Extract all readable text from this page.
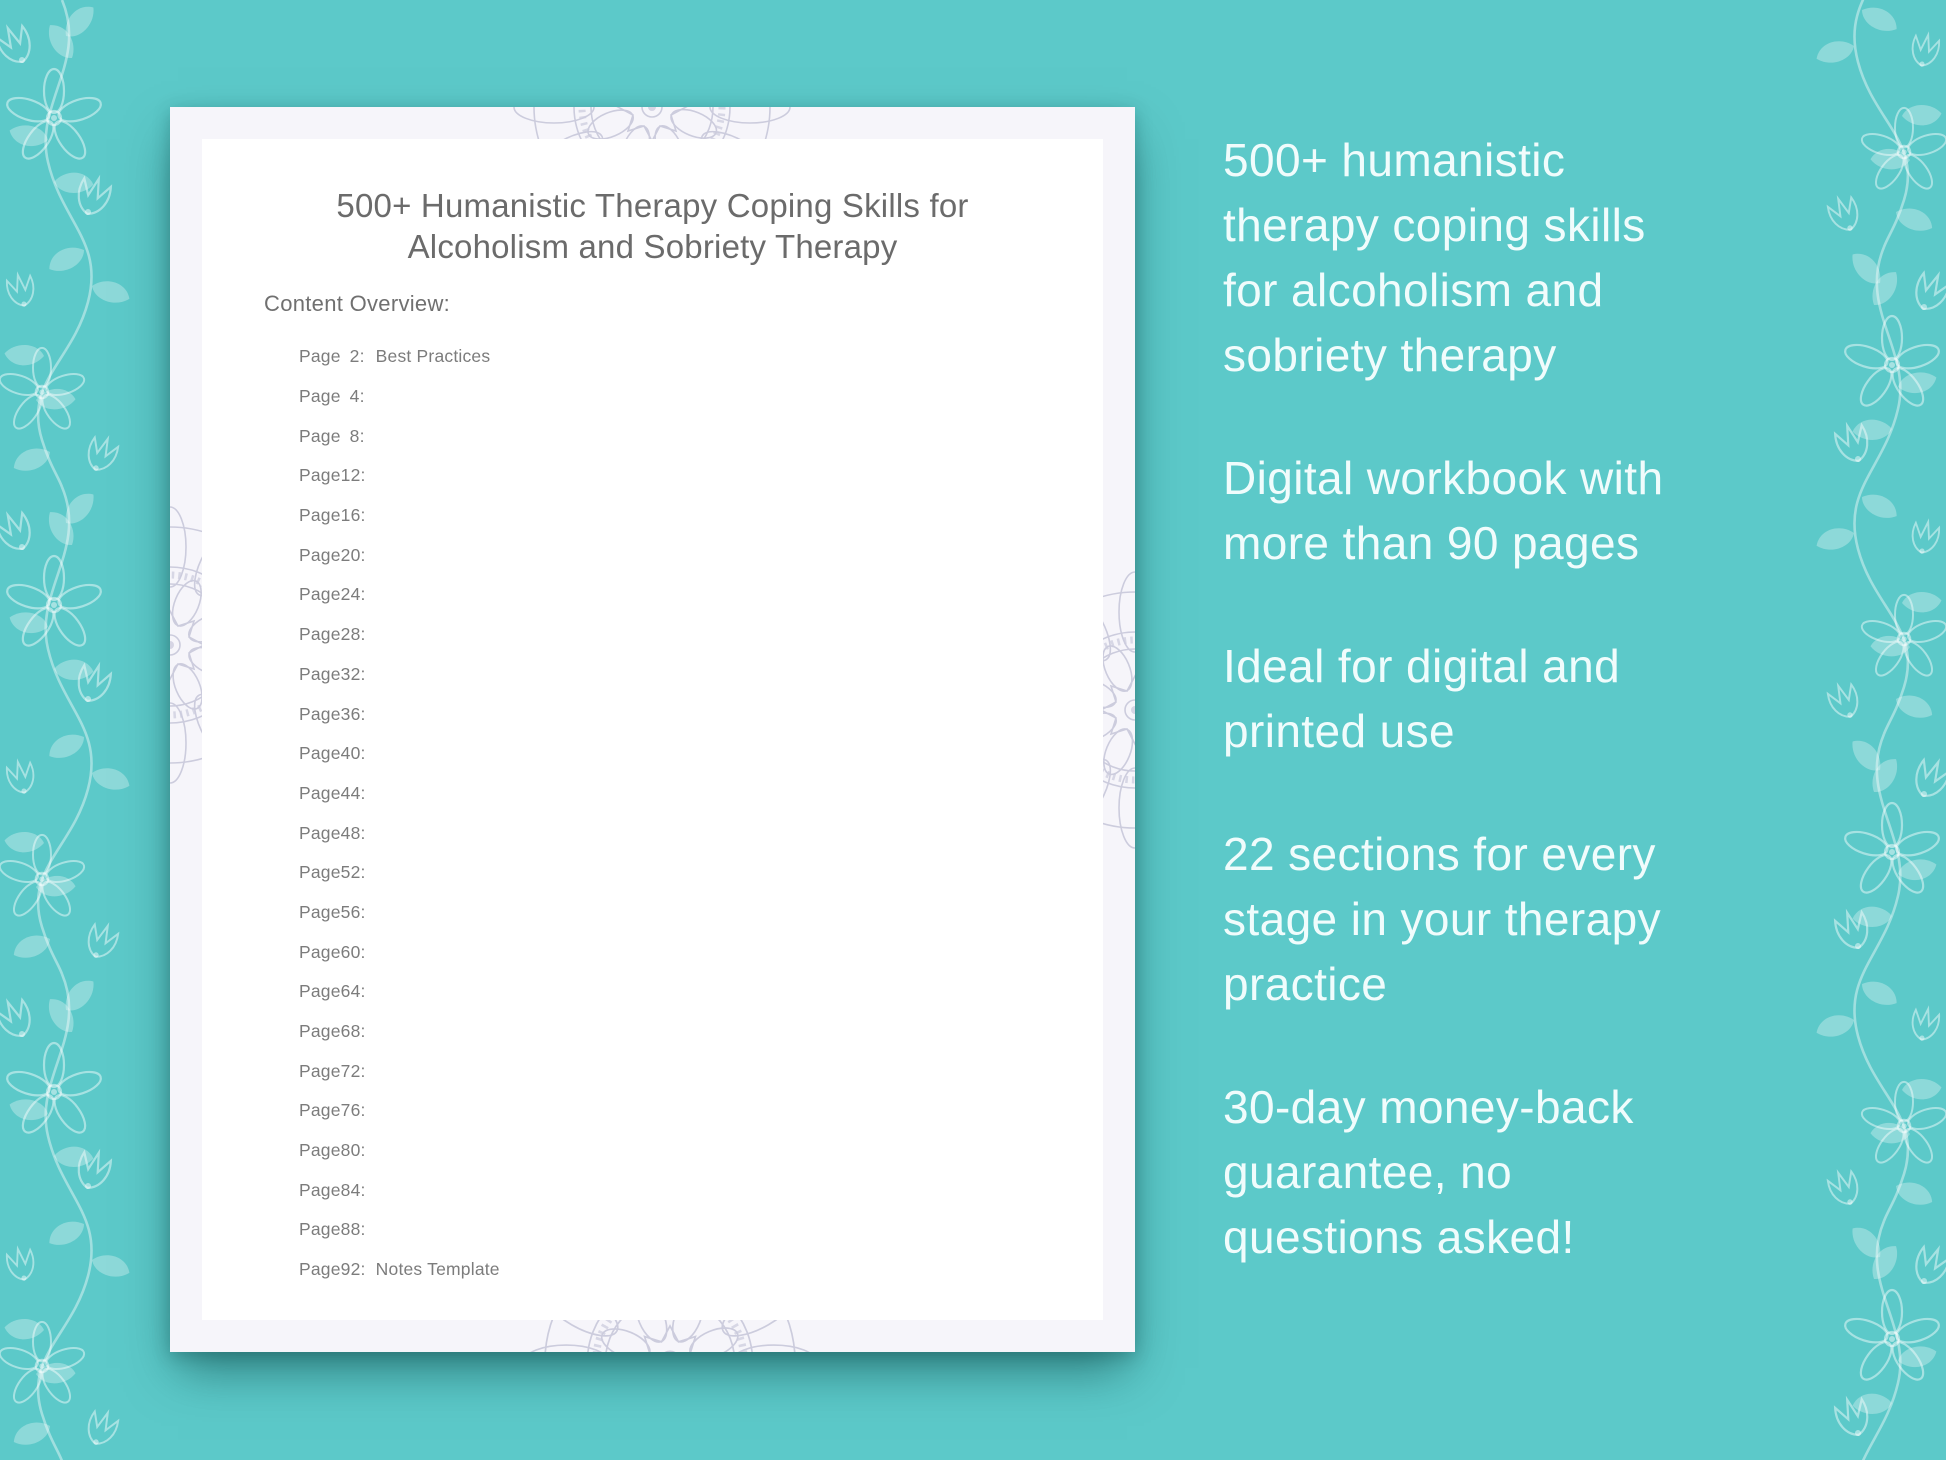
500+ Humanistic Therapy Coping Skills for
Alcoholism and Sobriety Therapy
Content Overview:
Page 2: Best Practices
Page 4:
Page 8:
Page 12:
Page 16:
Page 20:
Page 24:
Page 28:
Page 32:
Page 36:
Page 40:
Page 44:
Page 48:
Page 52:
Page 56:
Page 60:
Page 64:
Page 68:
Page 72:
Page 76:
Page 80:
Page 84:
Page 88:
Page 92: Notes Template
500+ humanistic
therapy coping skills
for alcoholism and
sobriety therapy
Digital workbook with
more than 90 pages
Ideal for digital and
printed use
22 sections for every
stage in your therapy
practice
30-day money-back
guarantee, no
questions asked!
